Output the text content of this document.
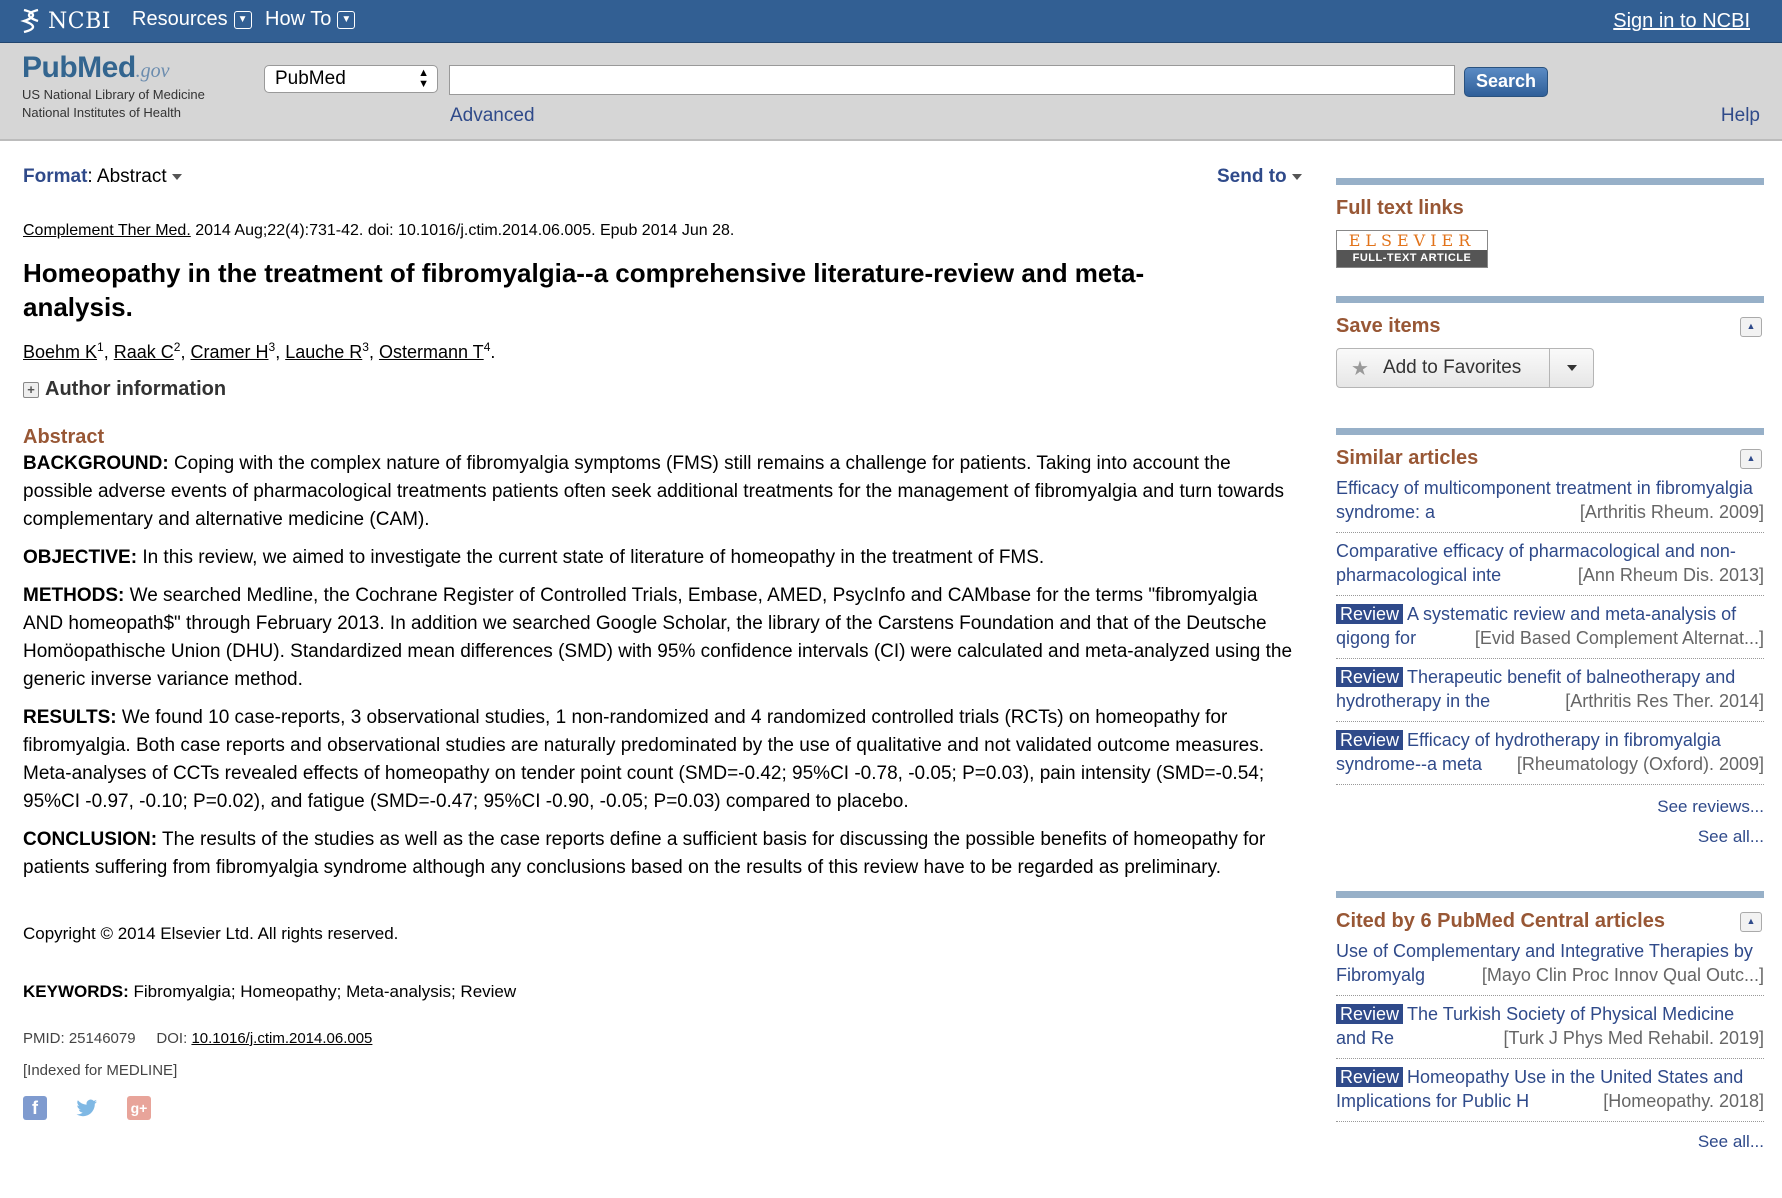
NCBI Resources	▼ How To	▼	Sign in to NCBI
PubMed.gov
US National Library of Medicine
National Institutes of Health
PubMed	▲
▼	Search
Advanced	Help
Format: Abstract	Send to
Complement Ther Med. 2014 Aug;22(4):731-42. doi: 10.1016/j.ctim.2014.06.005. Epub 2014 Jun 28.
Homeopathy in the treatment of fibromyalgia--a comprehensive literature-review and meta-analysis.
Boehm $K^1$, Raak $C^2$, Cramer $H^3$, Lauche $R^3$, Ostermann $T^4$.
+ Author information
Abstract

BACKGROUND: Coping with the complex nature of fibromyalgia symptoms (FMS) still remains a challenge for patients. Taking into account the possible adverse events of pharmacological treatments patients often seek additional treatments for the management of fibromyalgia and turn towards complementary and alternative medicine (CAM).

OBJECTIVE: In this review, we aimed to investigate the current state of literature of homeopathy in the treatment of FMS.

METHODS: We searched Medline, the Cochrane Register of Controlled Trials, Embase, AMED, PsycInfo and CAMbase for the terms "fibromyalgia AND homeopath$" through February 2013. In addition we searched Google Scholar, the library of the Carstens Foundation and that of the Deutsche Homöopathische Union (DHU). Standardized mean differences (SMD) with 95% confidence intervals (CI) were calculated and meta-analyzed using the generic inverse variance method.

RESULTS: We found 10 case-reports, 3 observational studies, 1 non-randomized and 4 randomized controlled trials (RCTs) on homeopathy for fibromyalgia. Both case reports and observational studies are naturally predominated by the use of qualitative and not validated outcome measures. Meta-analyses of CCTs revealed effects of homeopathy on tender point count (SMD=-0.42; 95%CI -0.78, -0.05; P=0.03), pain intensity (SMD=-0.54; 95%CI -0.97, -0.10; P=0.02), and fatigue (SMD=-0.47; 95%CI -0.90, -0.05; P=0.03) compared to placebo.

CONCLUSION: The results of the studies as well as the case reports define a sufficient basis for discussing the possible benefits of homeopathy for patients suffering from fibromyalgia syndrome although any conclusions based on the results of this review have to be regarded as preliminary.

Copyright © 2014 Elsevier Ltd. All rights reserved.
KEYWORDS: Fibromyalgia; Homeopathy; Meta-analysis; Review
PMID: 25146079 DOI: 10.1016/j.ctim.2014.06.005
[Indexed for MEDLINE]
f	g+
Full text links
ELSEVIER
FULL-TEXT ARTICLE
Save items	▲
★ Add to Favorites
Similar articles	▲
Efficacy of multicomponent treatment in fibromyalgia syndrome: a	[Arthritis Rheum. 2009]
Comparative efficacy of pharmacological and non-pharmacological inte	[Ann Rheum Dis. 2013]
Review A systematic review and meta-analysis of qigong for	[Evid Based Complement Alternat...]
Review Therapeutic benefit of balneotherapy and hydrotherapy in the	[Arthritis Res Ther. 2014]
Review Efficacy of hydrotherapy in fibromyalgia syndrome--a meta [Rheumatology (Oxford). 2009]
See reviews...
See all...
Cited by 6 PubMed Central articles	▲
Use of Complementary and Integrative Therapies by Fibromyalg	[Mayo Clin Proc Innov Qual Outc...]
Review The Turkish Society of Physical Medicine and Re	[Turk J Phys Med Rehabil. 2019]
Review Homeopathy Use in the United States and Implications for Public H	[Homeopathy. 2018]
See all...
